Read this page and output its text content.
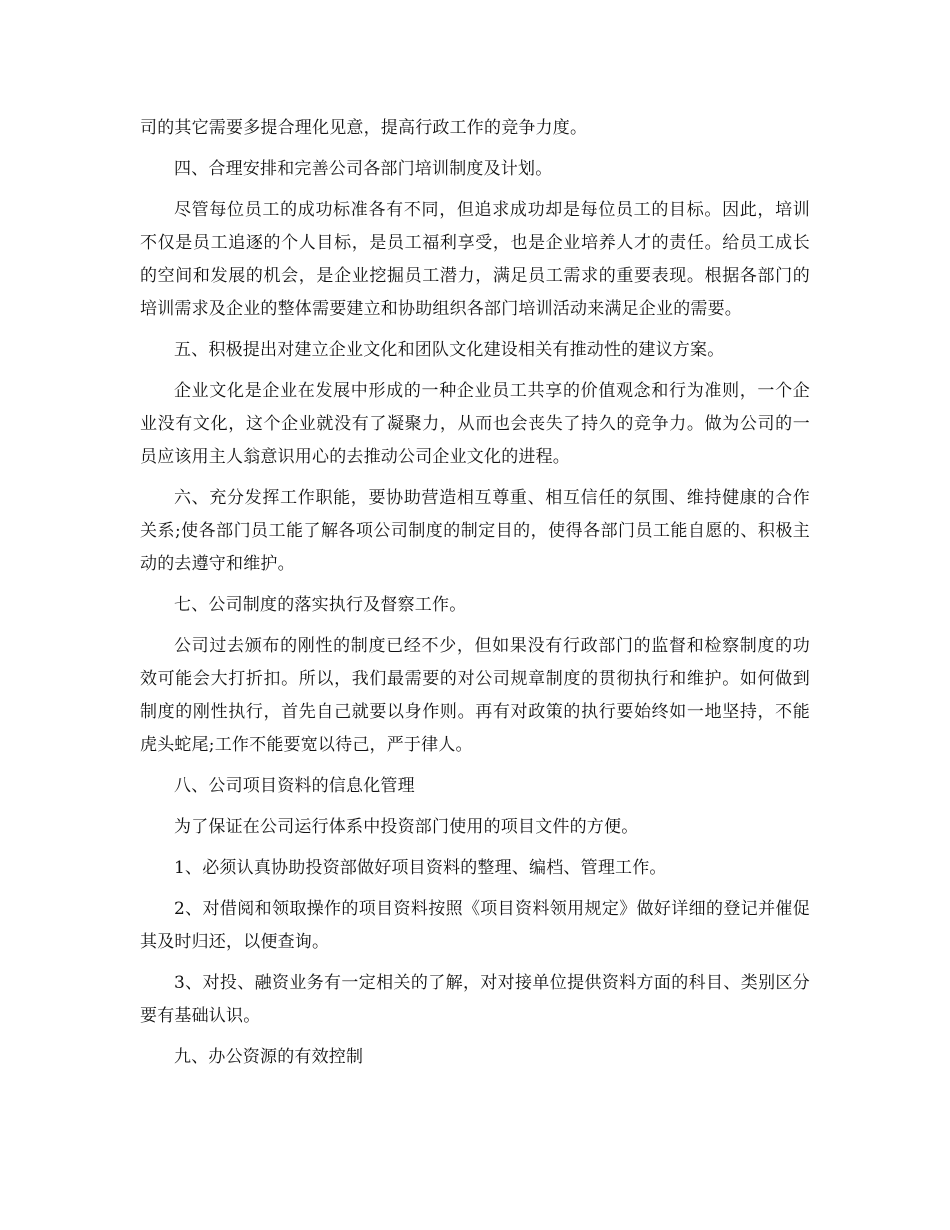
司的其它需要多提合理化见意，提高行政工作的竞争力度。

四、合理安排和完善公司各部门培训制度及计划。

尽管每位员工的成功标准各有不同，但追求成功却是每位员工的目标。因此，培训不仅是员工追逐的个人目标，是员工福利享受，也是企业培养人才的责任。给员工成长的空间和发展的机会，是企业挖掘员工潜力，满足员工需求的重要表现。根据各部门的培训需求及企业的整体需要建立和协助组织各部门培训活动来满足企业的需要。

五、积极提出对建立企业文化和团队文化建设相关有推动性的建议方案。

企业文化是企业在发展中形成的一种企业员工共享的价值观念和行为准则，一个企业没有文化，这个企业就没有了凝聚力，从而也会丧失了持久的竞争力。做为公司的一员应该用主人翁意识用心的去推动公司企业文化的进程。

六、充分发挥工作职能，要协助营造相互尊重、相互信任的氛围、维持健康的合作关系;使各部门员工能了解各项公司制度的制定目的，使得各部门员工能自愿的、积极主动的去遵守和维护。

七、公司制度的落实执行及督察工作。

公司过去颁布的刚性的制度已经不少，但如果没有行政部门的监督和检察制度的功效可能会大打折扣。所以，我们最需要的对公司规章制度的贯彻执行和维护。如何做到制度的刚性执行，首先自己就要以身作则。再有对政策的执行要始终如一地坚持，不能虎头蛇尾;工作不能要宽以待己，严于律人。

八、公司项目资料的信息化管理

为了保证在公司运行体系中投资部门使用的项目文件的方便。

1、必须认真协助投资部做好项目资料的整理、编档、管理工作。

2、对借阅和领取操作的项目资料按照《项目资料领用规定》做好详细的登记并催促其及时归还，以便查询。

3、对投、融资业务有一定相关的了解，对对接单位提供资料方面的科目、类别区分要有基础认识。

九、办公资源的有效控制
